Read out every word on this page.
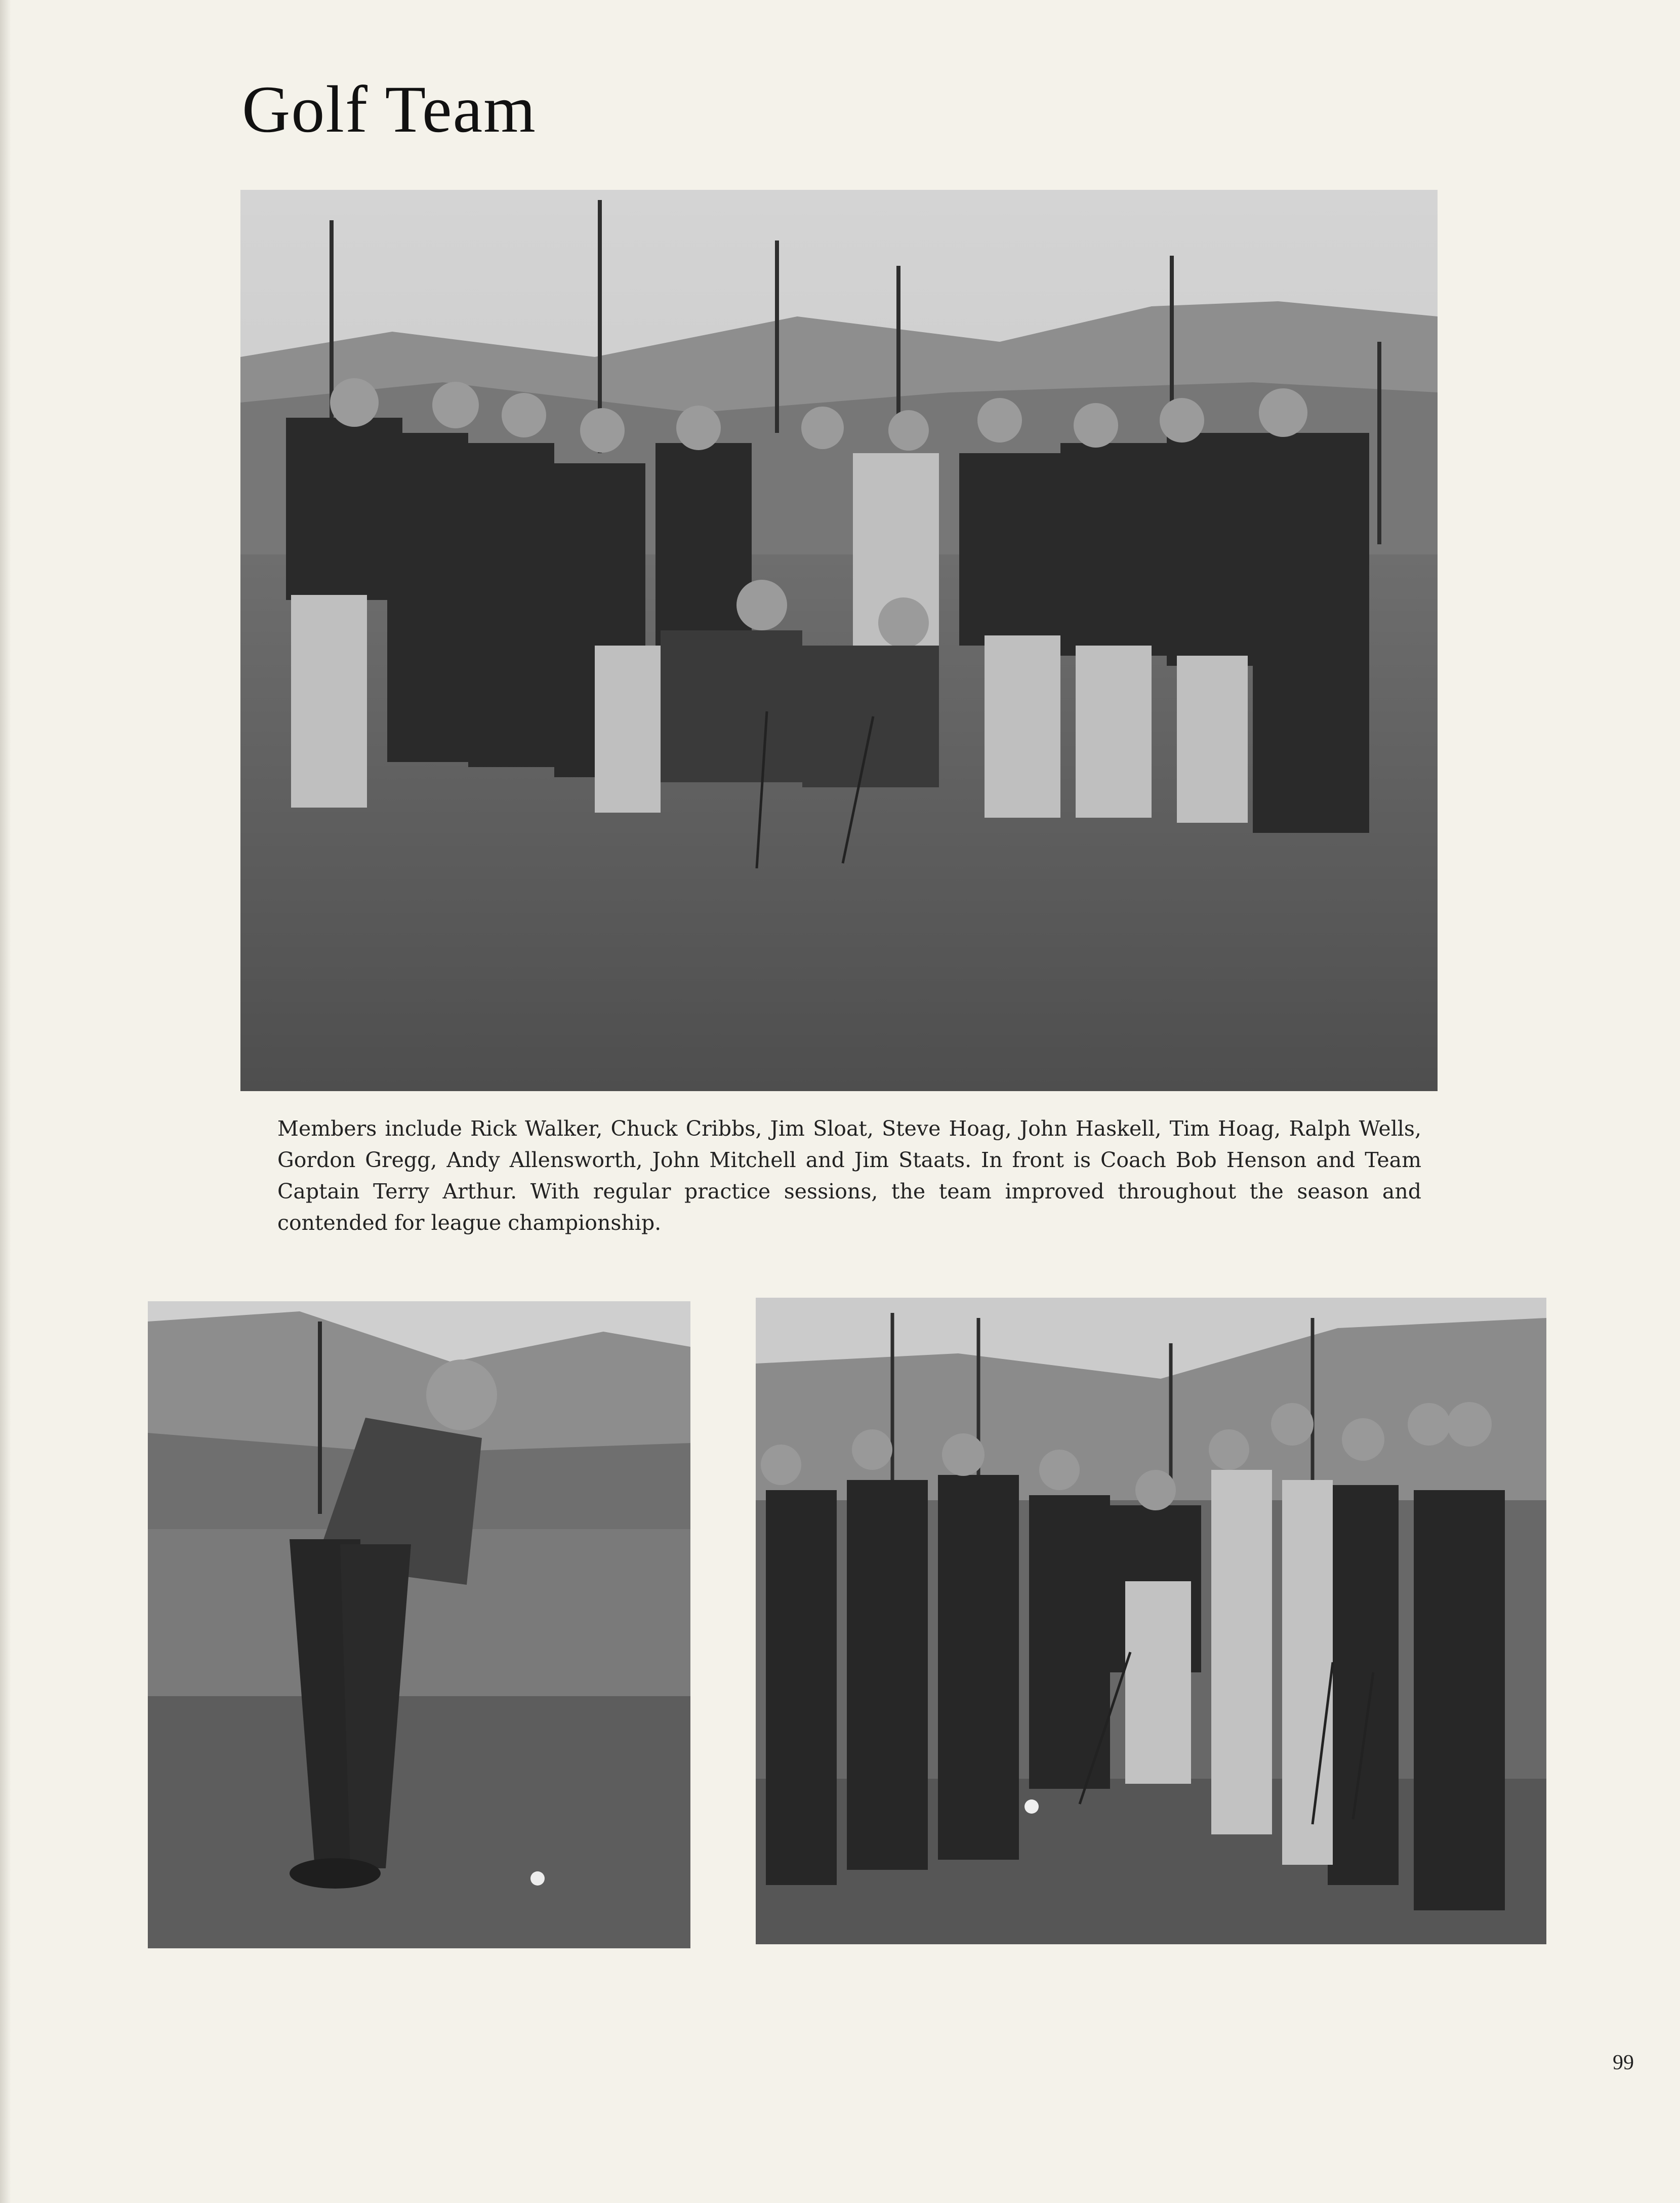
Golf Team

Members include Rick Walker, Chuck Cribbs, Jim Sloat, Steve Hoag, John Haskell, Tim Hoag, Ralph Wells, Gordon Gregg, Andy Allensworth, John Mitchell and Jim Staats. In front is Coach Bob Henson and Team Captain Terry Arthur. With regular practice sessions, the team improved throughout the season and contended for league championship.

99
